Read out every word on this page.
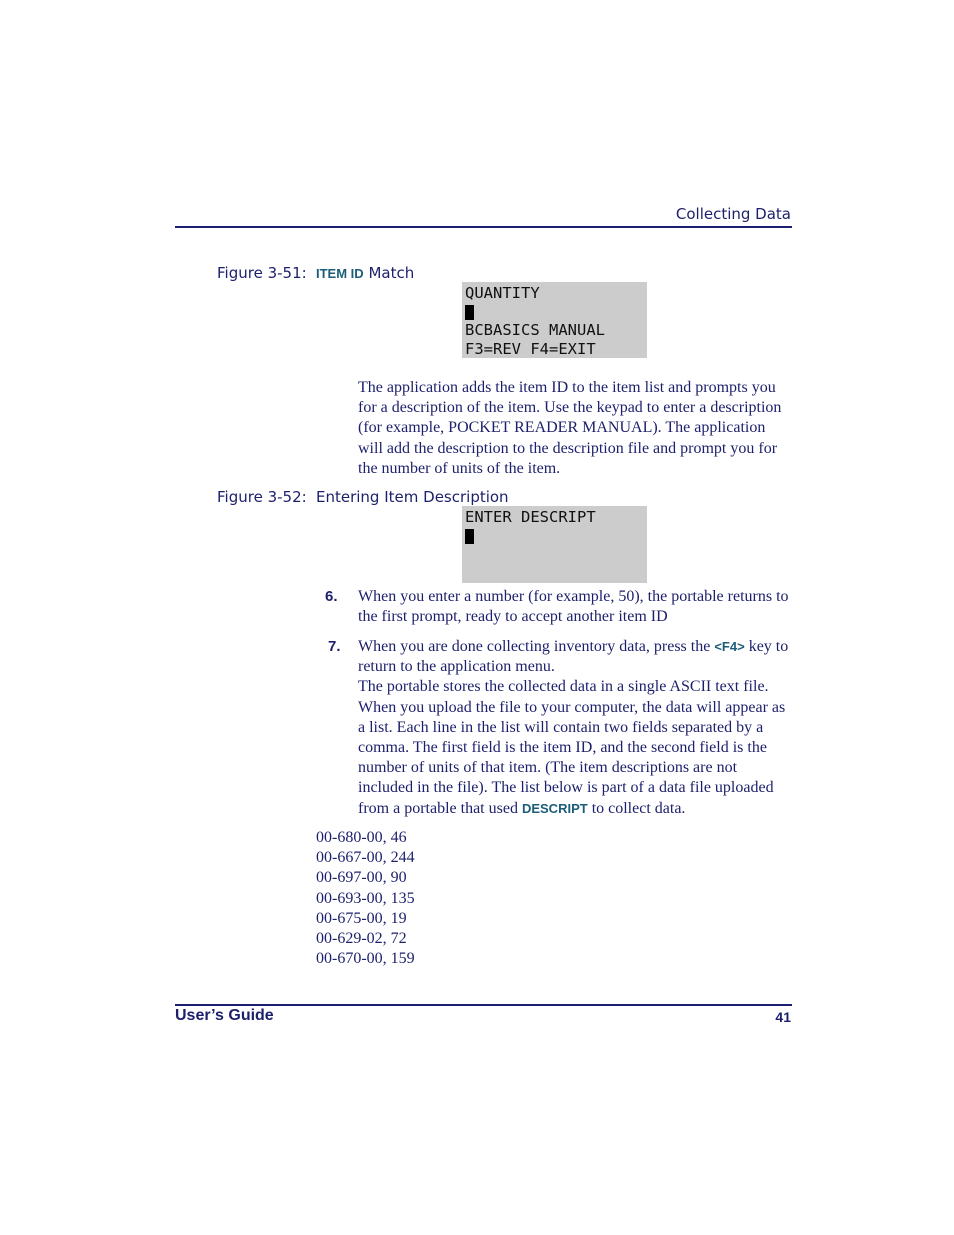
Collecting Data
Figure 3-51: ITEM ID Match
QUANTITY
BCBASICS MANUAL
F3=REV F4=EXIT
The application adds the item ID to the item list and prompts you for a description of the item. Use the keypad to enter a description (for example, POCKET READER MANUAL). The application will add the description to the description file and prompt you for the number of units of the item.
Figure 3-52: Entering Item Description
ENTER DESCRIPT
6. When you enter a number (for example, 50), the portable returns to the first prompt, ready to accept another item ID
7. When you are done collecting inventory data, press the <F4> key to return to the application menu.
The portable stores the collected data in a single ASCII text file. When you upload the file to your computer, the data will appear as a list. Each line in the list will contain two fields separated by a comma. The first field is the item ID, and the second field is the number of units of that item. (The item descriptions are not included in the file). The list below is part of a data file uploaded from a portable that used DESCRIPT to collect data.
00-680-00, 46
00-667-00, 244
00-697-00, 90
00-693-00, 135
00-675-00, 19
00-629-02, 72
00-670-00, 159
User’s Guide	41
